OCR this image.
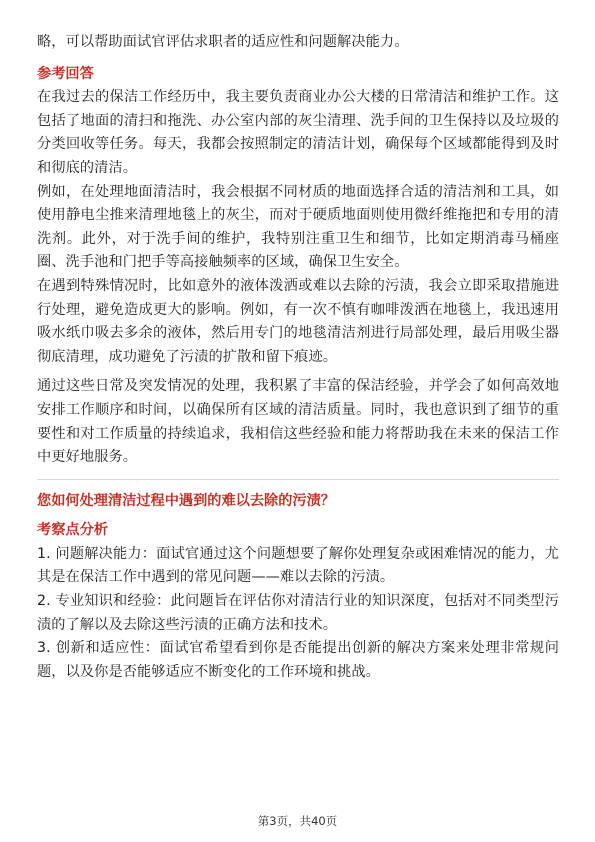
略，可以帮助面试官评估求职者的适应性和问题解决能力。

参考回答

在我过去的保洁工作经历中，我主要负责商业办公大楼的日常清洁和维护工作。这包括了地面的清扫和拖洗、办公室内部的灰尘清理、洗手间的卫生保持以及垃圾的分类回收等任务。每天，我都会按照制定的清洁计划，确保每个区域都能得到及时和彻底的清洁。

例如，在处理地面清洁时，我会根据不同材质的地面选择合适的清洁剂和工具，如使用静电尘推来清理地毯上的灰尘，而对于硬质地面则使用微纤维拖把和专用的清洗剂。此外，对于洗手间的维护，我特别注重卫生和细节，比如定期消毒马桶座圈、洗手池和门把手等高接触频率的区域，确保卫生安全。

在遇到特殊情况时，比如意外的液体泼洒或难以去除的污渍，我会立即采取措施进行处理，避免造成更大的影响。例如，有一次不慎有咖啡泼洒在地毯上，我迅速用吸水纸巾吸去多余的液体，然后用专门的地毯清洁剂进行局部处理，最后用吸尘器彻底清理，成功避免了污渍的扩散和留下痕迹。

通过这些日常及突发情况的处理，我积累了丰富的保洁经验，并学会了如何高效地安排工作顺序和时间，以确保所有区域的清洁质量。同时，我也意识到了细节的重要性和对工作质量的持续追求，我相信这些经验和能力将帮助我在未来的保洁工作中更好地服务。

您如何处理清洁过程中遇到的难以去除的污渍？

考察点分析

1. 问题解决能力：面试官通过这个问题想要了解你处理复杂或困难情况的能力，尤其是在保洁工作中遇到的常见问题——难以去除的污渍。

2. 专业知识和经验：此问题旨在评估你对清洁行业的知识深度，包括对不同类型污渍的了解以及去除这些污渍的正确方法和技术。

3. 创新和适应性：面试官希望看到你是否能提出创新的解决方案来处理非常规问题，以及你是否能够适应不断变化的工作环境和挑战。

第3页，共40页
